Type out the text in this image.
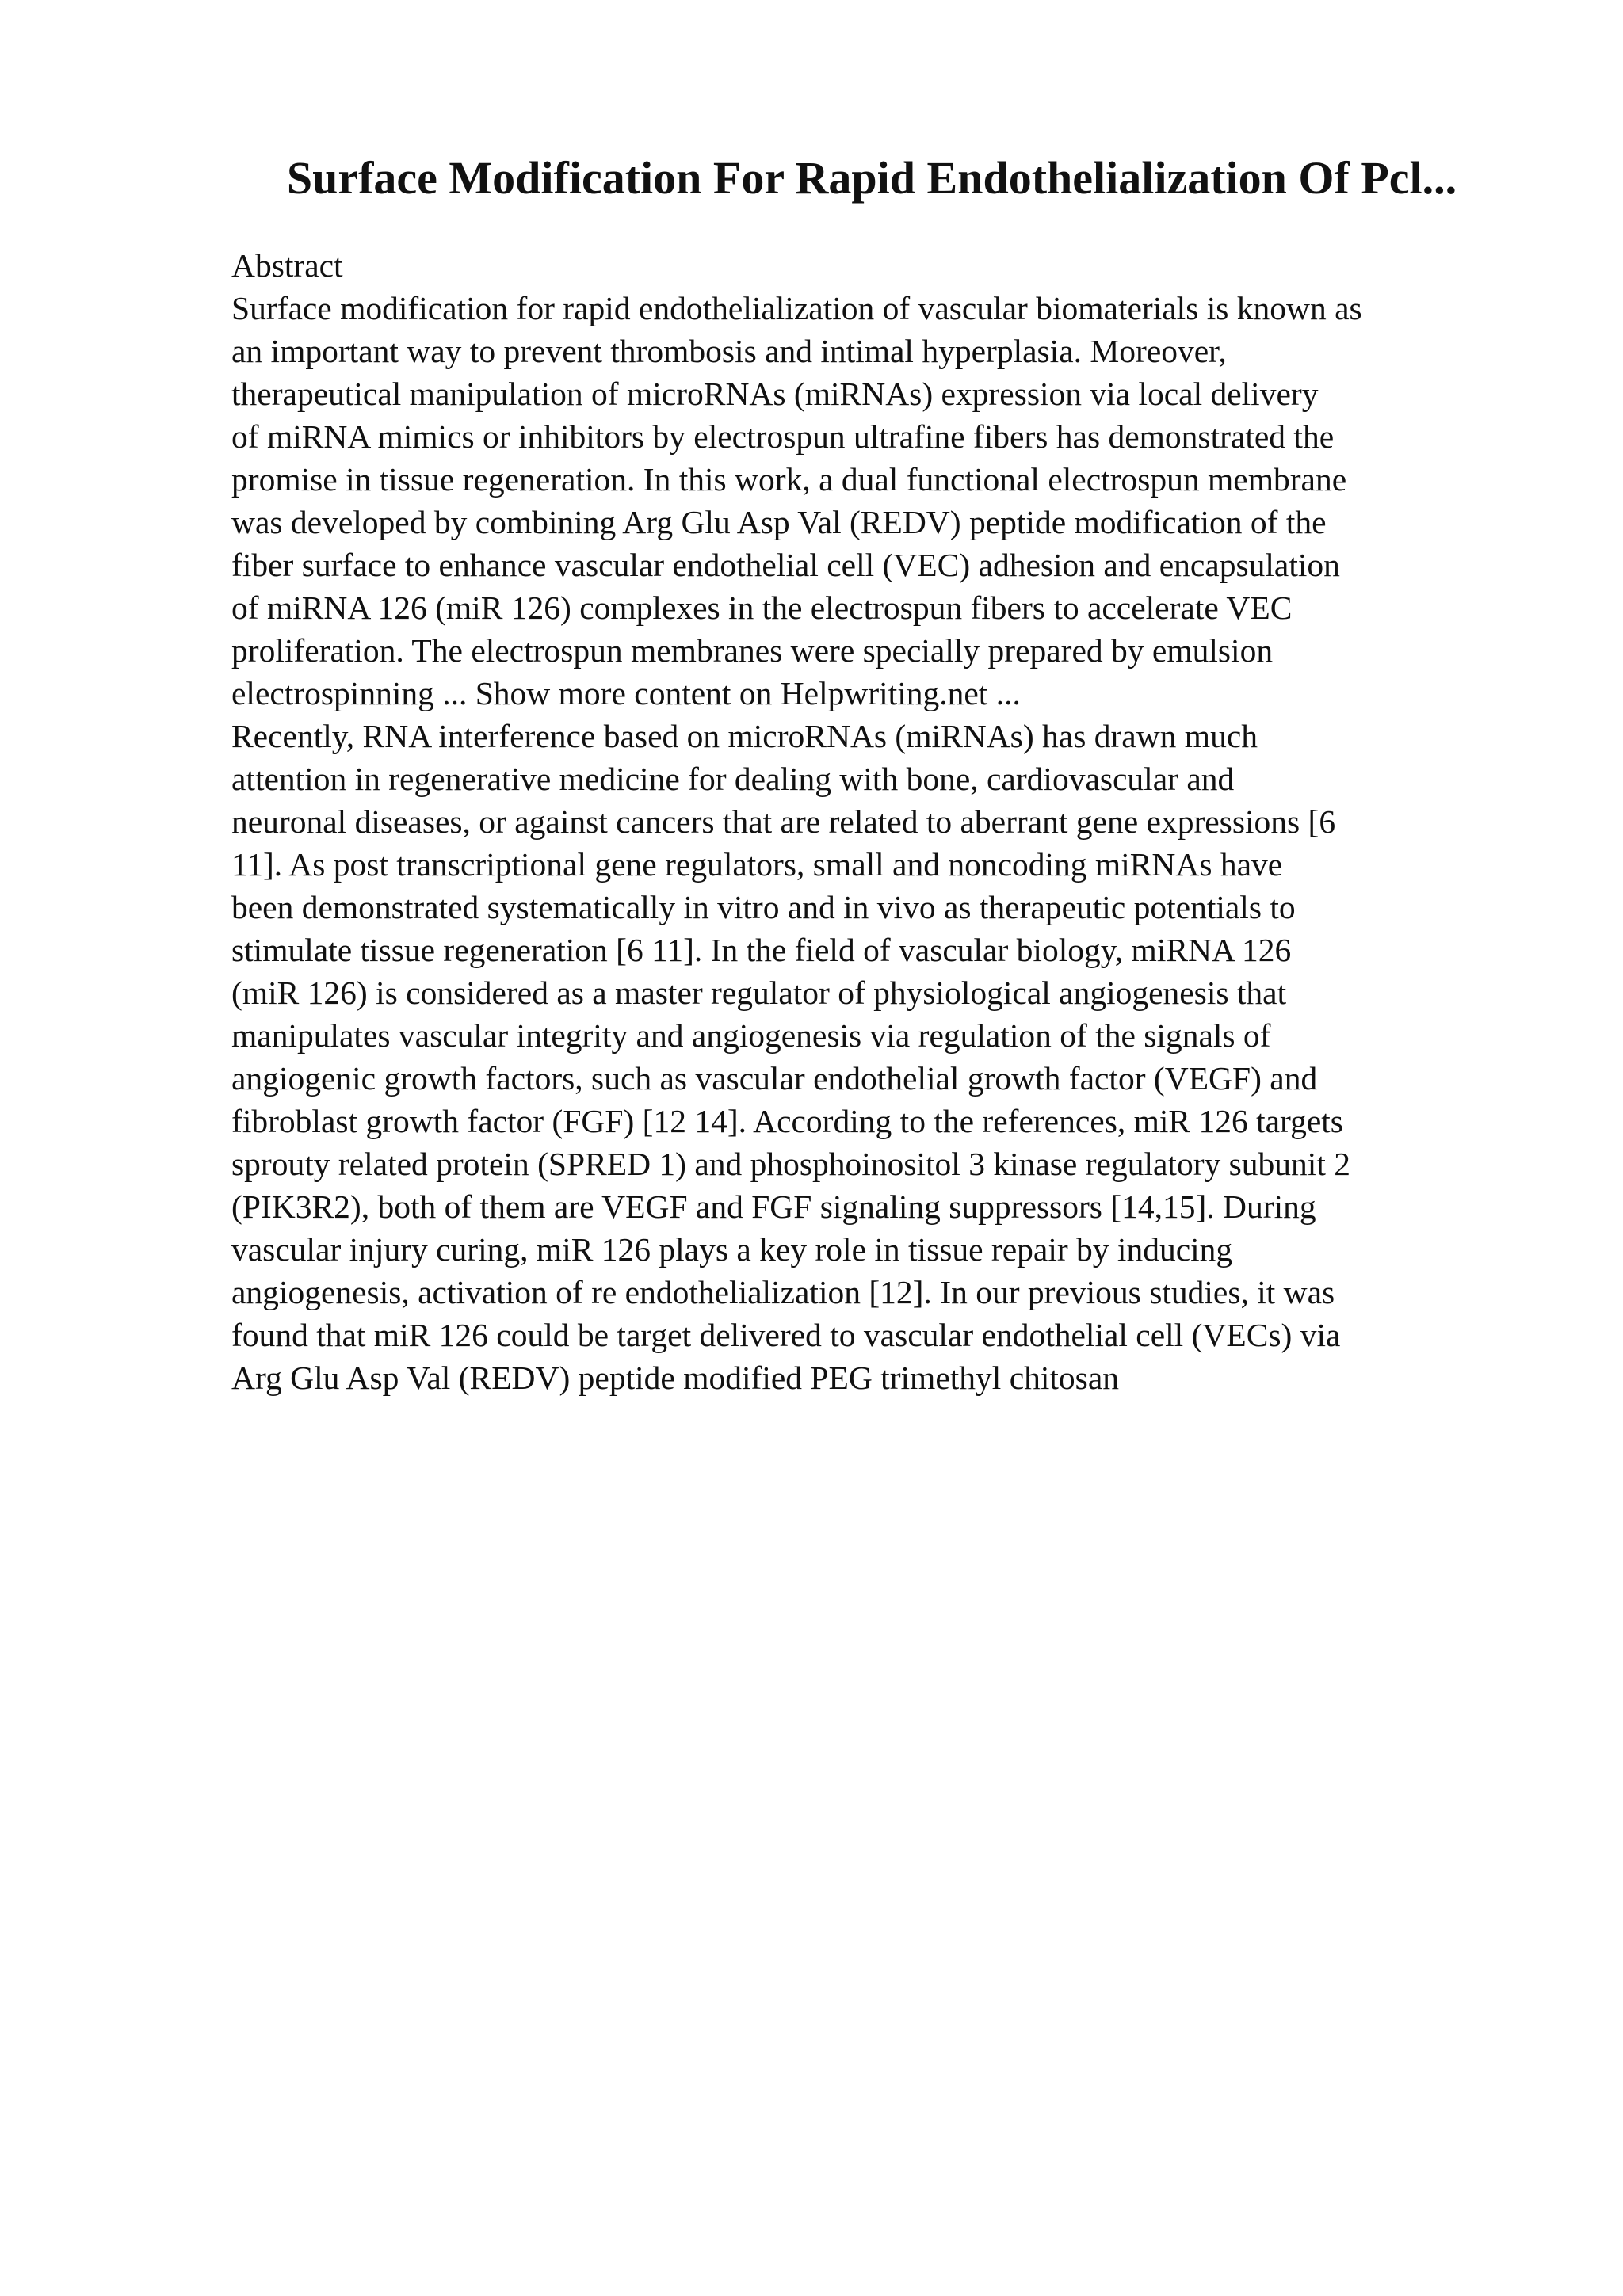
Surface Modification For Rapid Endothelialization Of Pcl...
Abstract
Surface modification for rapid endothelialization of vascular biomaterials is known as
an important way to prevent thrombosis and intimal hyperplasia. Moreover,
therapeutical manipulation of microRNAs (miRNAs) expression via local delivery
of miRNA mimics or inhibitors by electrospun ultrafine fibers has demonstrated the
promise in tissue regeneration. In this work, a dual functional electrospun membrane
was developed by combining Arg Glu Asp Val (REDV) peptide modification of the
fiber surface to enhance vascular endothelial cell (VEC) adhesion and encapsulation
of miRNA 126 (miR 126) complexes in the electrospun fibers to accelerate VEC
proliferation. The electrospun membranes were specially prepared by emulsion
electrospinning ... Show more content on Helpwriting.net ...
Recently, RNA interference based on microRNAs (miRNAs) has drawn much
attention in regenerative medicine for dealing with bone, cardiovascular and
neuronal diseases, or against cancers that are related to aberrant gene expressions [6
11]. As post transcriptional gene regulators, small and noncoding miRNAs have
been demonstrated systematically in vitro and in vivo as therapeutic potentials to
stimulate tissue regeneration [6 11]. In the field of vascular biology, miRNA 126
(miR 126) is considered as a master regulator of physiological angiogenesis that
manipulates vascular integrity and angiogenesis via regulation of the signals of
angiogenic growth factors, such as vascular endothelial growth factor (VEGF) and
fibroblast growth factor (FGF) [12 14]. According to the references, miR 126 targets
sprouty related protein (SPRED 1) and phosphoinositol 3 kinase regulatory subunit 2
(PIK3R2), both of them are VEGF and FGF signaling suppressors [14,15]. During
vascular injury curing, miR 126 plays a key role in tissue repair by inducing
angiogenesis, activation of re endothelialization [12]. In our previous studies, it was
found that miR 126 could be target delivered to vascular endothelial cell (VECs) via
Arg Glu Asp Val (REDV) peptide modified PEG trimethyl chitosan
